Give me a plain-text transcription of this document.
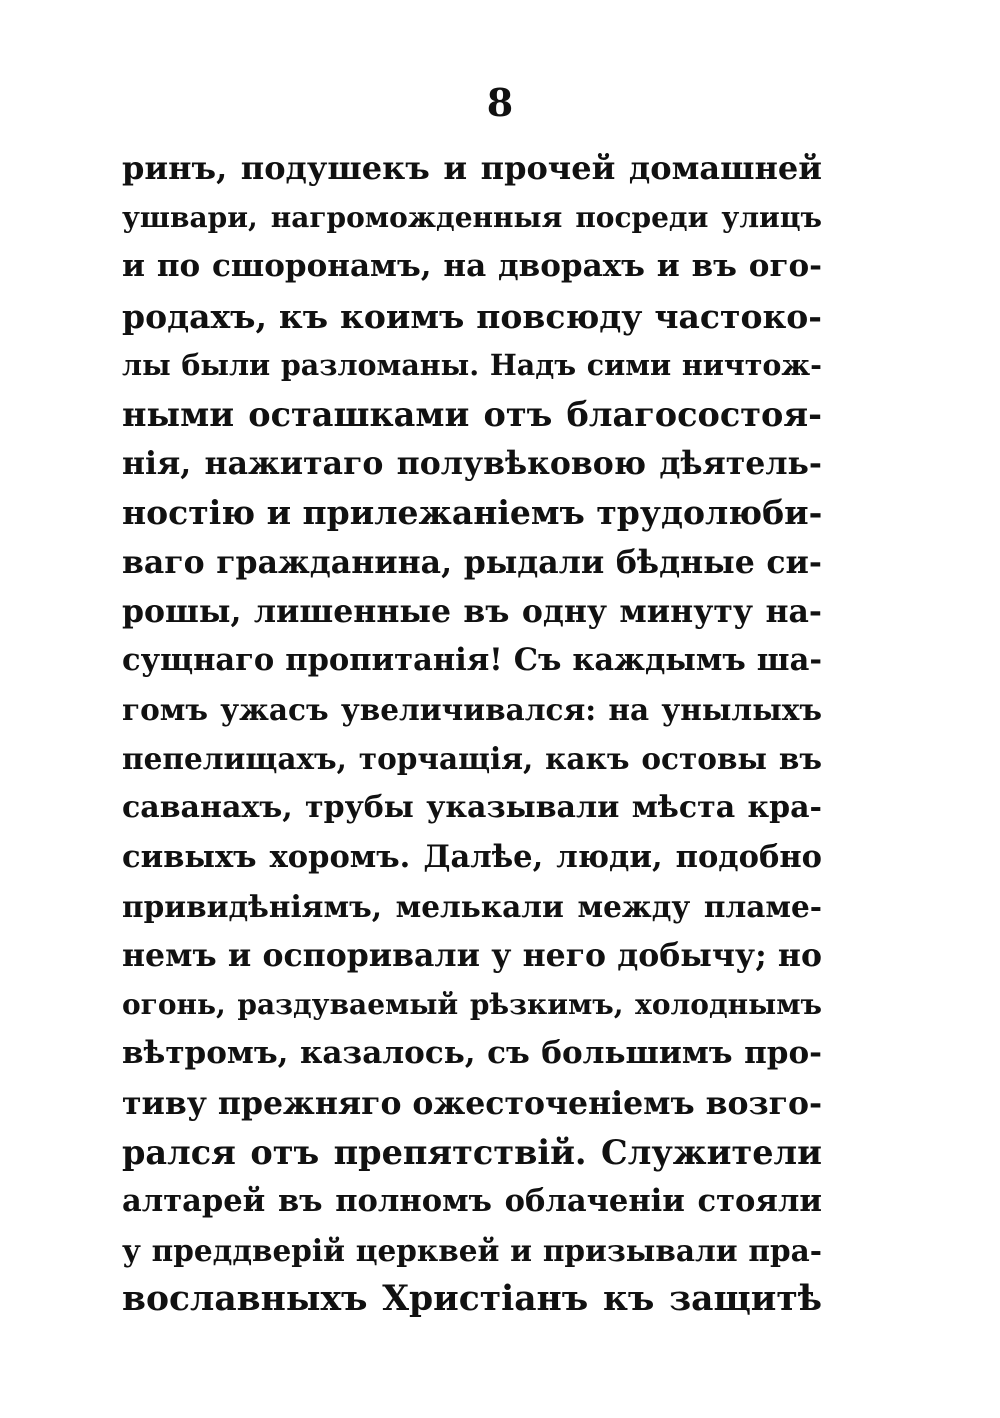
8
ринъ, подушекъ и прочей домашней
ушвари, нагроможденныя посреди улицъ
и по сшоронамъ, на дворахъ и въ ого-
родахъ, къ коимъ повсюду частоко-
лы были разломаны. Надъ сими ничтож-
ными осташками отъ благосостоя-
нія, нажитаго полувѣковою дѣятель-
ностію и прилежаніемъ трудолюби-
ваго гражданина, рыдали бѣдные си-
рошы, лишенные въ одну минуту на-
сущнаго пропитанія! Съ каждымъ ша-
гомъ ужасъ увеличивался: на унылыхъ
пепелищахъ, торчащія, какъ остовы въ
саванахъ, трубы указывали мѣста кра-
сивыхъ хоромъ. Далѣе, люди, подобно
привидѣніямъ, мелькали между пламе-
немъ и оспоривали у него добычу; но
огонь, раздуваемый рѣзкимъ, холоднымъ
вѣтромъ, казалось, съ большимъ про-
тиву прежняго ожесточеніемъ возго-
рался отъ препятствій. Служители
алтарей въ полномъ облаченіи стояли
у преддверій церквей и призывали пра-
вославныхъ Христіанъ къ защитѣ
